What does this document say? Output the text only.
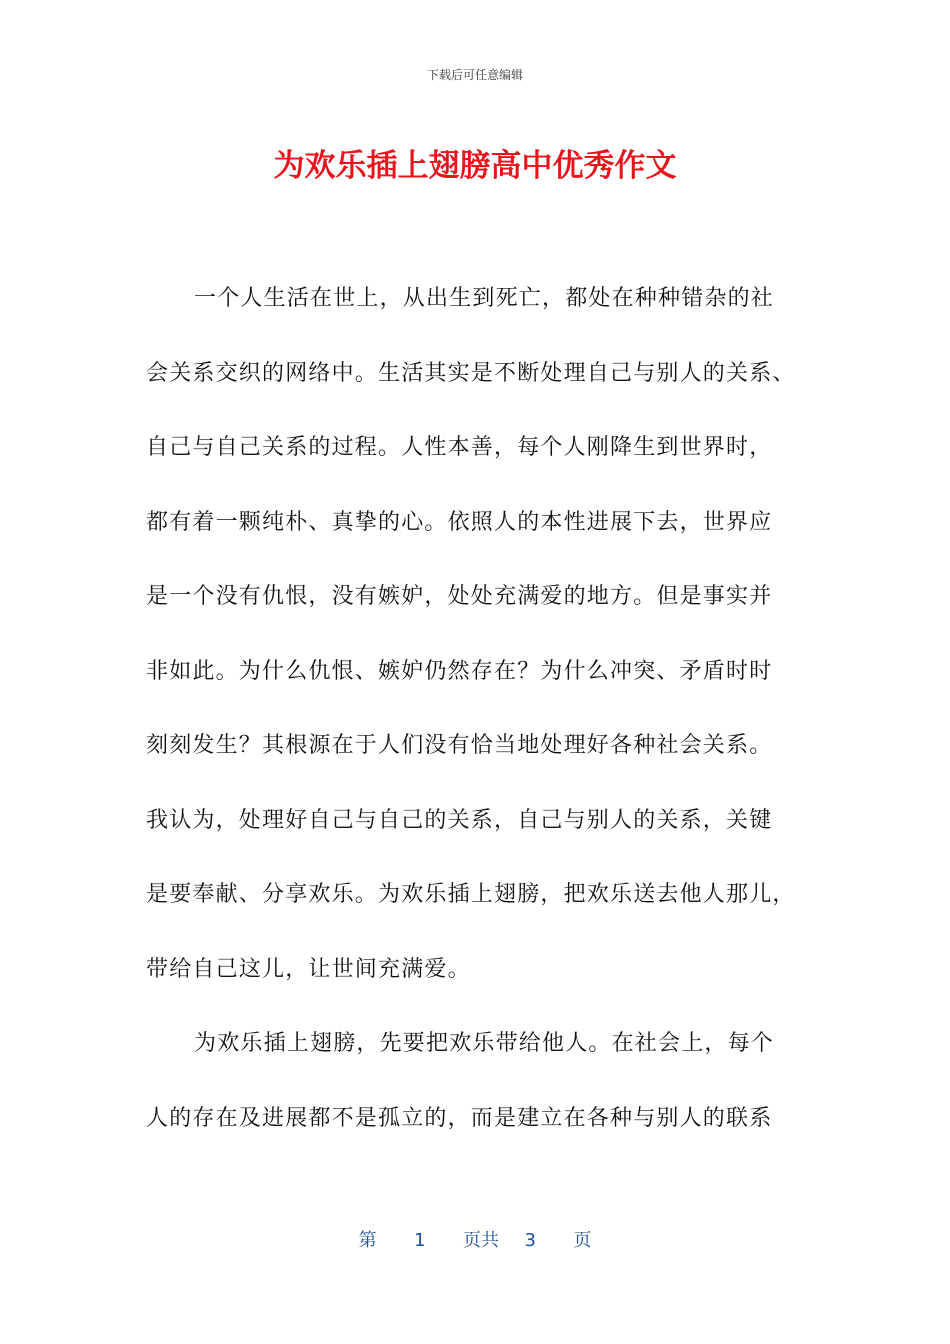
下载后可任意编辑
为欢乐插上翅膀高中优秀作文
一个人生活在世上，从出生到死亡，都处在种种错杂的社
会关系交织的网络中。生活其实是不断处理自己与别人的关系、
自己与自己关系的过程。人性本善，每个人刚降生到世界时，
都有着一颗纯朴、真挚的心。依照人的本性进展下去，世界应
是一个没有仇恨，没有嫉妒，处处充满爱的地方。但是事实并
非如此。为什么仇恨、嫉妒仍然存在？为什么冲突、矛盾时时
刻刻发生？其根源在于人们没有恰当地处理好各种社会关系。
我认为，处理好自己与自己的关系，自己与别人的关系，关键
是要奉献、分享欢乐。为欢乐插上翅膀，把欢乐送去他人那儿，
带给自己这儿，让世间充满爱。
为欢乐插上翅膀，先要把欢乐带给他人。在社会上，每个
人的存在及进展都不是孤立的，而是建立在各种与别人的联系
第 1 页共 3 页
